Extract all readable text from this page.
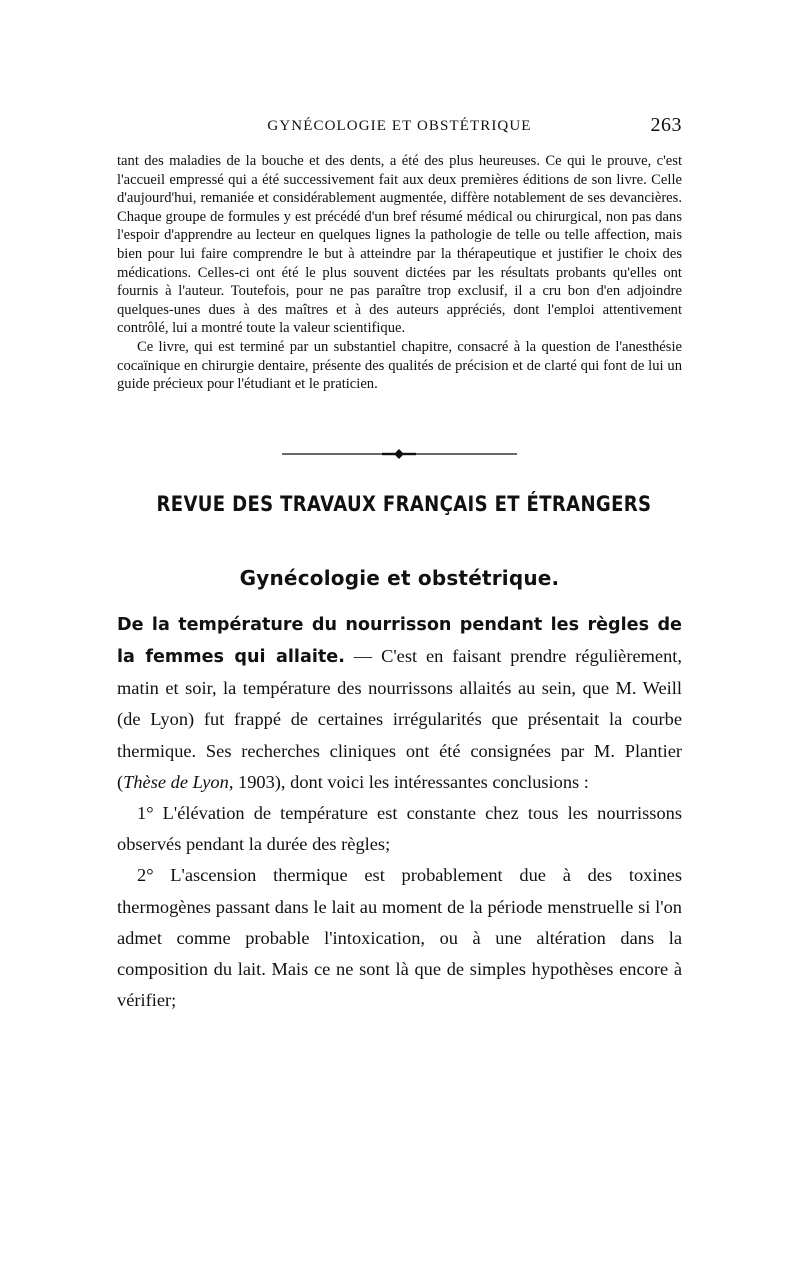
GYNÉCOLOGIE ET OBSTÉTRIQUE	263

tant des maladies de la bouche et des dents, a été des plus heureuses. Ce qui le prouve, c'est l'accueil empressé qui a été successivement fait aux deux premières éditions de son livre. Celle d'aujourd'hui, remaniée et considérablement augmentée, diffère notablement de ses devancières. Chaque groupe de formules y est précédé d'un bref résumé médical ou chirurgical, non pas dans l'espoir d'apprendre au lecteur en quelques lignes la pathologie de telle ou telle affection, mais bien pour lui faire comprendre le but à atteindre par la thérapeutique et justifier le choix des médications. Celles-ci ont été le plus souvent dictées par les résultats probants qu'elles ont fournis à l'auteur. Toutefois, pour ne pas paraître trop exclusif, il a cru bon d'en adjoindre quelques-unes dues à des maîtres et à des auteurs appréciés, dont l'emploi attentivement contrôlé, lui a montré toute la valeur scientifique.

Ce livre, qui est terminé par un substantiel chapitre, consacré à la question de l'anesthésie cocaïnique en chirurgie dentaire, présente des qualités de précision et de clarté qui font de lui un guide précieux pour l'étudiant et le praticien.

REVUE DES TRAVAUX FRANÇAIS ET ÉTRANGERS
Gynécologie et obstétrique.

De la température du nourrisson pendant les règles de la femmes qui allaite. — C'est en faisant prendre régulièrement, matin et soir, la température des nourrissons allaités au sein, que M. Weill (de Lyon) fut frappé de certaines irrégularités que présentait la courbe thermique. Ses recherches cliniques ont été consignées par M. Plantier (Thèse de Lyon, 1903), dont voici les intéressantes conclusions :

1° L'élévation de température est constante chez tous les nourrissons observés pendant la durée des règles;

2° L'ascension thermique est probablement due à des toxines thermogènes passant dans le lait au moment de la période menstruelle si l'on admet comme probable l'intoxication, ou à une altération dans la composition du lait. Mais ce ne sont là que de simples hypothèses encore à vérifier;
